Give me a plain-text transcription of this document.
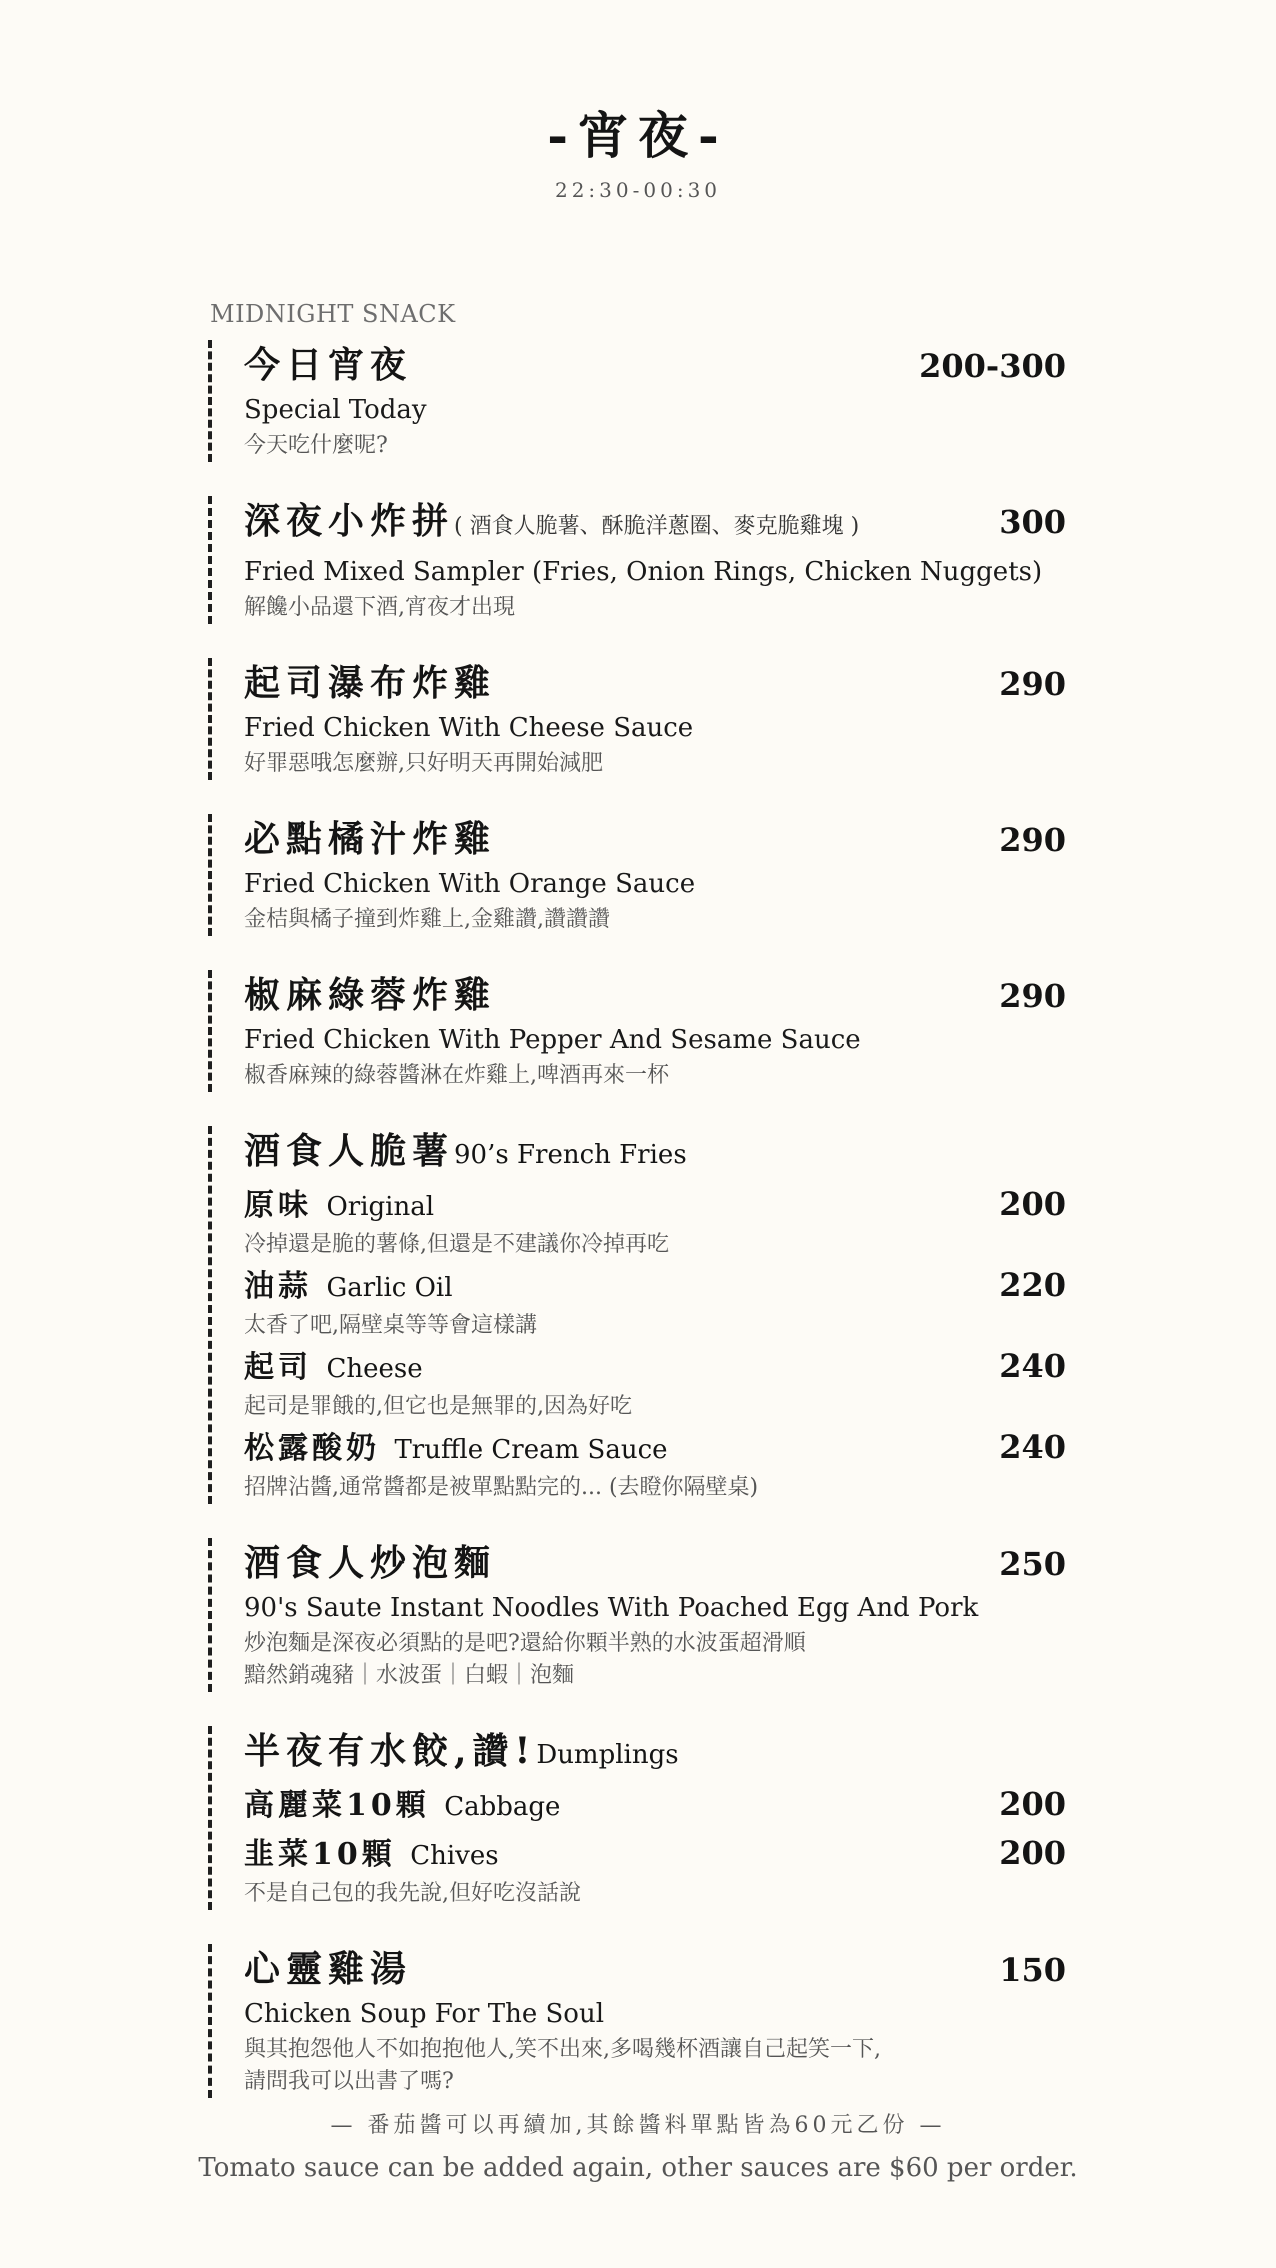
-宵夜-
22:30-00:30
MIDNIGHT SNACK
今日宵夜	200-300
Special Today
今天吃什麼呢?
深夜小炸拼( 酒食人脆薯、酥脆洋蔥圈、麥克脆雞塊 )	300
Fried Mixed Sampler (Fries, Onion Rings, Chicken Nuggets)
解饞小品還下酒,宵夜才出現
起司瀑布炸雞	290
Fried Chicken With Cheese Sauce
好罪惡哦怎麼辦,只好明天再開始減肥
必點橘汁炸雞	290
Fried Chicken With Orange Sauce
金桔與橘子撞到炸雞上,金雞讚,讚讚讚
椒麻綠蓉炸雞	290
Fried Chicken With Pepper And Sesame Sauce
椒香麻辣的綠蓉醬淋在炸雞上,啤酒再來一杯
酒食人脆薯90’s French Fries
原味 Original	200
冷掉還是脆的薯條,但還是不建議你冷掉再吃
油蒜 Garlic Oil	220
太香了吧,隔壁桌等等會這樣講
起司 Cheese	240
起司是罪餓的,但它也是無罪的,因為好吃
松露酸奶 Truffle Cream Sauce	240
招牌沾醬,通常醬都是被單點點完的... (去瞪你隔壁桌)
酒食人炒泡麵	250
90's Saute Instant Noodles With Poached Egg And Pork
炒泡麵是深夜必須點的是吧?還給你顆半熟的水波蛋超滑順
黯然銷魂豬｜水波蛋｜白蝦｜泡麵
半夜有水餃,讚!Dumplings
高麗菜10顆 Cabbage	200
韭菜10顆 Chives	200
不是自己包的我先說,但好吃沒話說
心靈雞湯	150
Chicken Soup For The Soul
與其抱怨他人不如抱抱他人,笑不出來,多喝幾杯酒讓自己起笑一下,
請問我可以出書了嗎?
— 番茄醬可以再續加,其餘醬料單點皆為60元乙份 —
Tomato sauce can be added again, other sauces are $60 per order.
